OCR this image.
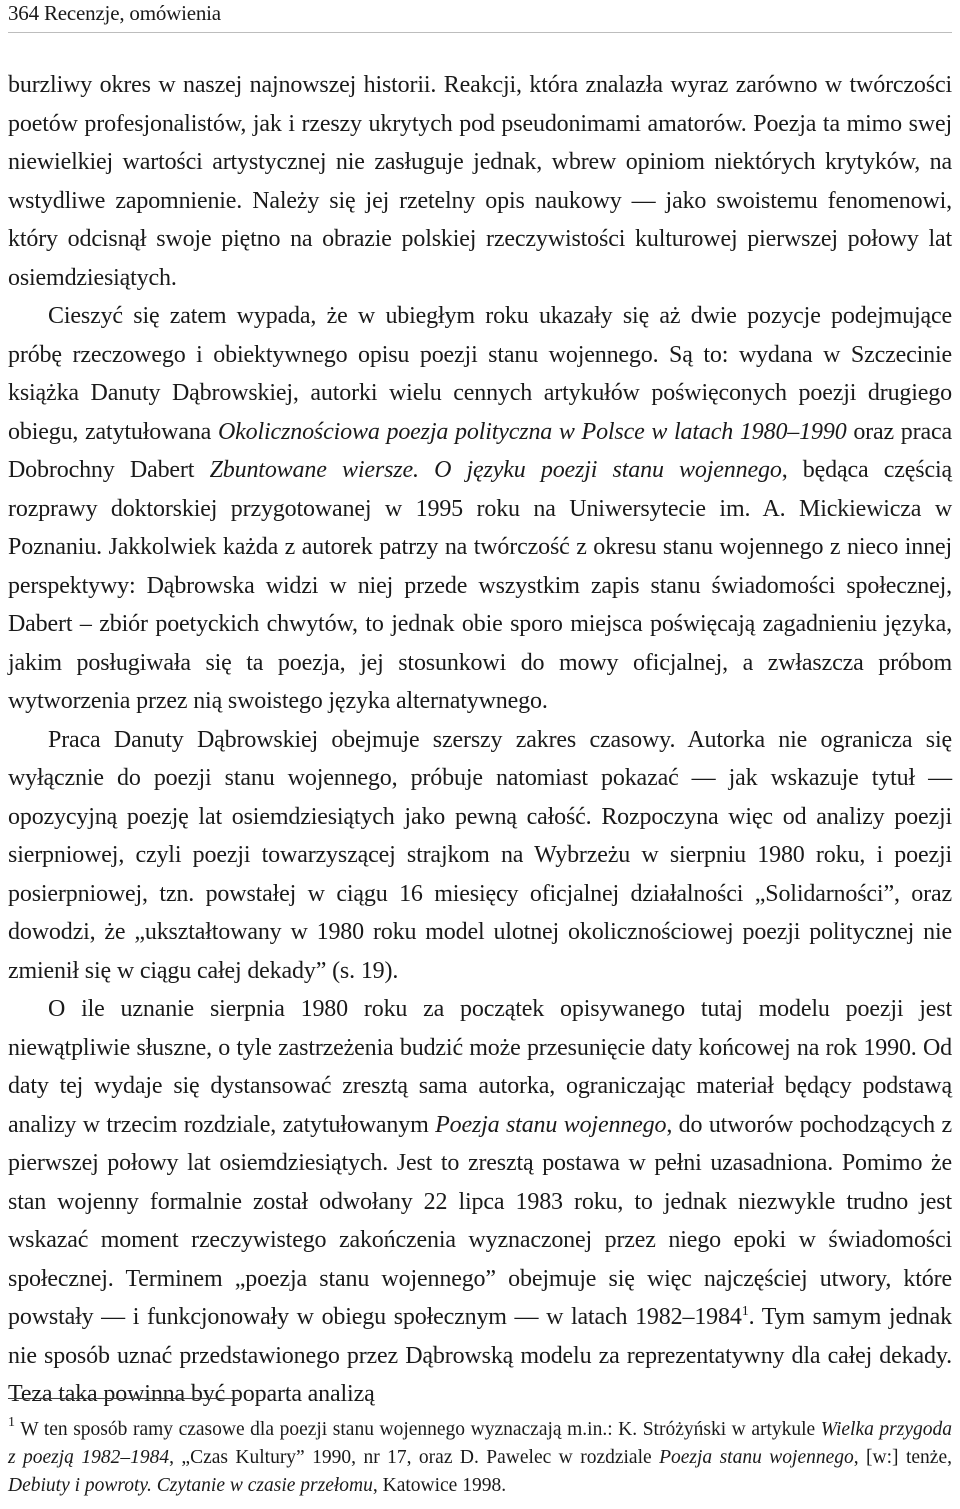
364 Recenzje, omówienia

burzliwy okres w naszej najnowszej historii. Reakcji, która znalazła wyraz zarówno w twórczości poetów profesjonalistów, jak i rzeszy ukrytych pod pseudonimami amatorów. Poezja ta mimo swej niewielkiej wartości artystycznej nie zasługuje jednak, wbrew opiniom niektórych krytyków, na wstydliwe zapomnienie. Należy się jej rzetelny opis naukowy — jako swoistemu fenomenowi, który odcisnął swoje piętno na obrazie polskiej rzeczywistości kulturowej pierwszej połowy lat osiemdziesiątych.

Cieszyć się zatem wypada, że w ubiegłym roku ukazały się aż dwie pozycje podejmujące próbę rzeczowego i obiektywnego opisu poezji stanu wojennego. Są to: wydana w Szczecinie książka Danuty Dąbrowskiej, autorki wielu cennych artykułów poświęconych poezji drugiego obiegu, zatytułowana Okolicznościowa poezja polityczna w Polsce w latach 1980–1990 oraz praca Dobrochny Dabert Zbuntowane wiersze. O języku poezji stanu wojennego, będąca częścią rozprawy doktorskiej przygotowanej w 1995 roku na Uniwersytecie im. A. Mickiewicza w Poznaniu. Jakkolwiek każda z autorek patrzy na twórczość z okresu stanu wojennego z nieco innej perspektywy: Dąbrowska widzi w niej przede wszystkim zapis stanu świadomości społecznej, Dabert – zbiór poetyckich chwytów, to jednak obie sporo miejsca poświęcają zagadnieniu języka, jakim posługiwała się ta poezja, jej stosunkowi do mowy oficjalnej, a zwłaszcza próbom wytworzenia przez nią swoistego języka alternatywnego.

Praca Danuty Dąbrowskiej obejmuje szerszy zakres czasowy. Autorka nie ogranicza się wyłącznie do poezji stanu wojennego, próbuje natomiast pokazać — jak wskazuje tytuł — opozycyjną poezję lat osiemdziesiątych jako pewną całość. Rozpoczyna więc od analizy poezji sierpniowej, czyli poezji towarzyszącej strajkom na Wybrzeżu w sierpniu 1980 roku, i poezji posierpniowej, tzn. powstałej w ciągu 16 miesięcy oficjalnej działalności „Solidarności”, oraz dowodzi, że „ukształtowany w 1980 roku model ulotnej okolicznościowej poezji politycznej nie zmienił się w ciągu całej dekady” (s. 19).

O ile uznanie sierpnia 1980 roku za początek opisywanego tutaj modelu poezji jest niewątpliwie słuszne, o tyle zastrzeżenia budzić może przesunięcie daty końcowej na rok 1990. Od daty tej wydaje się dystansować zresztą sama autorka, ograniczając materiał będący podstawą analizy w trzecim rozdziale, zatytułowanym Poezja stanu wojennego, do utworów pochodzących z pierwszej połowy lat osiemdziesiątych. Jest to zresztą postawa w pełni uzasadniona. Pomimo że stan wojenny formalnie został odwołany 22 lipca 1983 roku, to jednak niezwykle trudno jest wskazać moment rzeczywistego zakończenia wyznaczonej przez niego epoki w świadomości społecznej. Terminem „poezja stanu wojennego” obejmuje się więc najczęściej utwory, które powstały — i funkcjonowały w obiegu społecznym — w latach 1982–1984$^1$. Tym samym jednak nie sposób uznać przedstawionego przez Dąbrowską modelu za reprezentatywny dla całej dekady. Teza taka powinna być poparta analizą

$^1$ W ten sposób ramy czasowe dla poezji stanu wojennego wyznaczają m.in.: K. Stróżyński w artykule Wielka przygoda z poezją 1982–1984, „Czas Kultury” 1990, nr 17, oraz D. Pawelec w rozdziale Poezja stanu wojennego, [w:] tenże, Debiuty i powroty. Czytanie w czasie przełomu, Katowice 1998.
